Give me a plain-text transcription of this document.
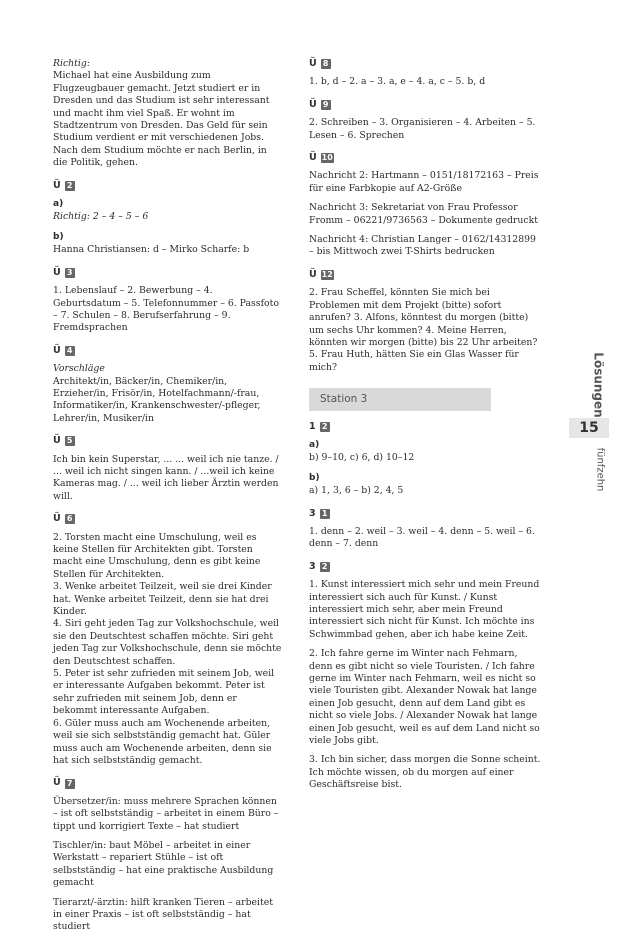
Richtig:
Michael hat eine Ausbildung zum Flugzeugbauer gemacht. Jetzt studiert er in Dresden und das Studium ist sehr interessant und macht ihm viel Spaß. Er wohnt im Stadtzentrum von Dresden. Das Geld für sein Studium verdient er mit verschiedenen Jobs. Nach dem Studium möchte er nach Berlin, in die Politik, gehen.

Ü 2
a)

Richtig: 2 – 4 – 5 – 6

b)

Hanna Christiansen: d – Mirko Scharfe: b

Ü 3

1. Lebenslauf – 2. Bewerbung – 4. Geburtsdatum – 5. Telefonnummer – 6. Passfoto – 7. Schulen – 8. Berufserfahrung – 9. Fremdsprachen

Ü 4

Vorschläge
Architekt/in, Bäcker/in, Chemiker/in, Erzieher/in, Frisör/in, Hotelfachmann/-frau, Informatiker/in, Krankenschwester/-pfleger, Lehrer/in, Musiker/in

Ü 5

Ich bin kein Superstar, ... ... weil ich nie tanze. / ... weil ich nicht singen kann. / ...weil ich keine Kameras mag. / ... weil ich lieber Ärztin werden will.

Ü 6

2. Torsten macht eine Umschulung, weil es keine Stellen für Architekten gibt. Torsten macht eine Umschulung, denn es gibt keine Stellen für Architekten.

3. Wenke arbeitet Teilzeit, weil sie drei Kinder hat. Wenke arbeitet Teilzeit, denn sie hat drei Kinder.

4. Siri geht jeden Tag zur Volkshochschule, weil sie den Deutschtest schaffen möchte. Siri geht jeden Tag zur Volkshochschule, denn sie möchte den Deutschtest schaffen.

5. Peter ist sehr zufrieden mit seinem Job, weil er interessante Aufgaben bekommt. Peter ist sehr zufrieden mit seinem Job, denn er bekommt interessante Aufgaben.

6. Güler muss auch am Wochenende arbeiten, weil sie sich selbstständig gemacht hat. Güler muss auch am Wochenende arbeiten, denn sie hat sich selbstständig gemacht.

Ü 7

Übersetzer/in: muss mehrere Sprachen können – ist oft selbstständig – arbeitet in einem Büro – tippt und korrigiert Texte – hat studiert

Tischler/in: baut Möbel – arbeitet in einer Werkstatt – repariert Stühle – ist oft selbstständig – hat eine praktische Ausbildung gemacht

Tierarzt/-ärztin: hilft kranken Tieren – arbeitet in einer Praxis – ist oft selbstständig – hat studiert

Ü 8

1. b, d – 2. a – 3. a, e – 4. a, c – 5. b, d

Ü 9

2. Schreiben – 3. Organisieren – 4. Arbeiten – 5. Lesen – 6. Sprechen

Ü 10

Nachricht 2: Hartmann – 0151/18172163 – Preis für eine Farbkopie auf A2-Größe

Nachricht 3: Sekretariat von Frau Professor Fromm – 06221/9736563 – Dokumente gedruckt

Nachricht 4: Christian Langer – 0162/14312899 – bis Mittwoch zwei T-Shirts bedrucken

Ü 12

2. Frau Scheffel, könnten Sie mich bei Problemen mit dem Projekt (bitte) sofort anrufen? 3. Alfons, könntest du morgen (bitte) um sechs Uhr kommen? 4. Meine Herren, könnten wir morgen (bitte) bis 22 Uhr arbeiten? 5. Frau Huth, hätten Sie ein Glas Wasser für mich?

Station 3
1 2
a)

b) 9–10, c) 6, d) 10–12

b)

a) 1, 3, 6 – b) 2, 4, 5

3 1

1. denn – 2. weil – 3. weil – 4. denn – 5. weil – 6. denn – 7. denn

3 2

1. Kunst interessiert mich sehr und mein Freund interessiert sich auch für Kunst. / Kunst interessiert mich sehr, aber mein Freund interessiert sich nicht für Kunst. Ich möchte ins Schwimmbad gehen, aber ich habe keine Zeit.

2. Ich fahre gerne im Winter nach Fehmarn, denn es gibt nicht so viele Touristen. / Ich fahre gerne im Winter nach Fehmarn, weil es nicht so viele Touristen gibt. Alexander Nowak hat lange einen Job gesucht, denn auf dem Land gibt es nicht so viele Jobs. / Alexander Nowak hat lange einen Job gesucht, weil es auf dem Land nicht so viele Jobs gibt.

3. Ich bin sicher, dass morgen die Sonne scheint. Ich möchte wissen, ob du morgen auf einer Geschäftsreise bist.

Lösungen
15
fünfzehn
